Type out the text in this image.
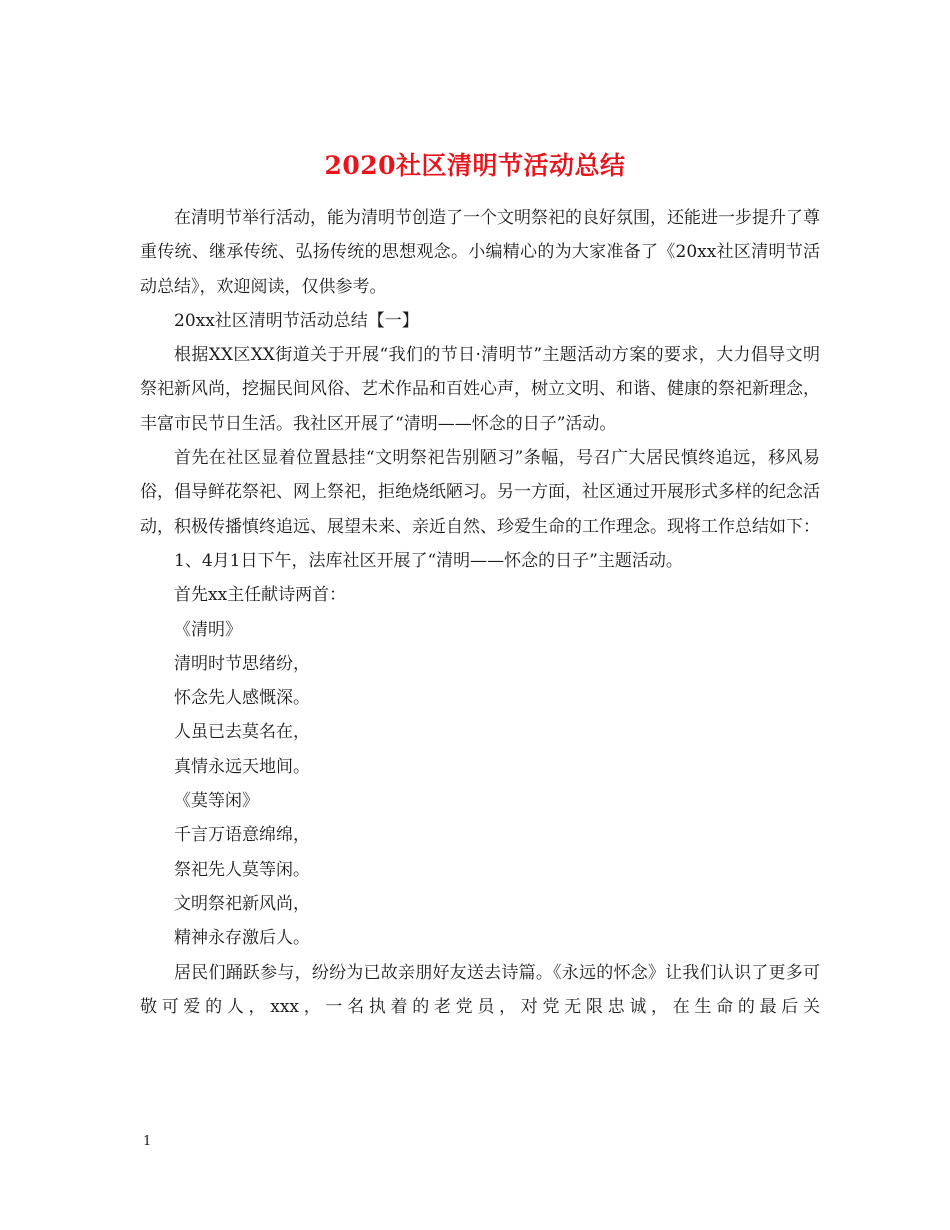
2020社区清明节活动总结

在清明节举行活动，能为清明节创造了一个文明祭祀的良好氛围，还能进一步提升了尊重传统、继承传统、弘扬传统的思想观念。小编精心的为大家准备了《20xx社区清明节活动总结》，欢迎阅读，仅供参考。

20xx社区清明节活动总结【一】

根据XX区XX街道关于开展“我们的节日·清明节”主题活动方案的要求，大力倡导文明祭祀新风尚，挖掘民间风俗、艺术作品和百姓心声，树立文明、和谐、健康的祭祀新理念，丰富市民节日生活。我社区开展了“清明——怀念的日子”活动。

首先在社区显着位置悬挂“文明祭祀告别陋习”条幅，号召广大居民慎终追远，移风易俗，倡导鲜花祭祀、网上祭祀，拒绝烧纸陋习。另一方面，社区通过开展形式多样的纪念活动，积极传播慎终追远、展望未来、亲近自然、珍爱生命的工作理念。现将工作总结如下：

1、4月1日下午，法库社区开展了“清明——怀念的日子”主题活动。

首先xx主任献诗两首：

《清明》

清明时节思绪纷，

怀念先人感慨深。

人虽已去莫名在，

真情永远天地间。

《莫等闲》

千言万语意绵绵，

祭祀先人莫等闲。

文明祭祀新风尚，

精神永存激后人。

居民们踊跃参与，纷纷为已故亲朋好友送去诗篇。《永远的怀念》让我们认识了更多可敬可爱的人，xxx，一名执着的老党员，对党无限忠诚，在生命的最后关

1
